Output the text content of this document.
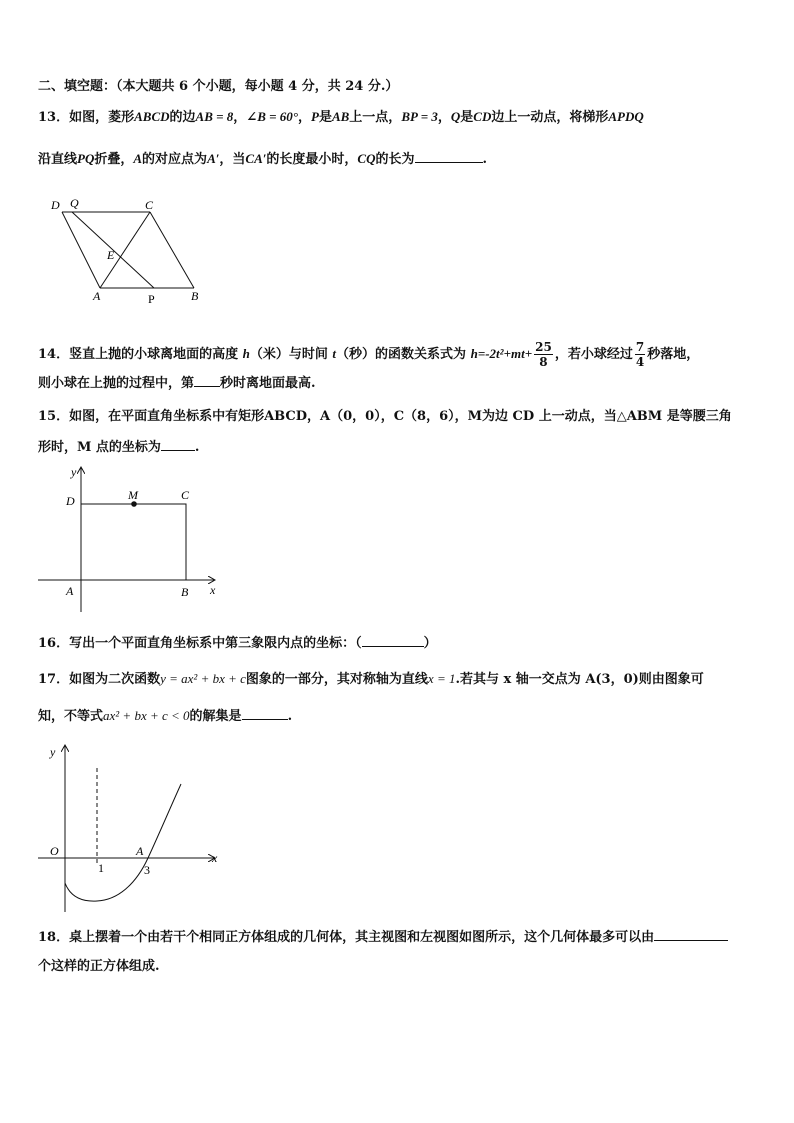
二、填空题：（本大题共 6 个小题，每小题 4 分，共 24 分.）
13．如图，菱形ABCD的边AB = 8，∠B = 60°，P是AB上一点，BP = 3，Q是CD边上一动点，将梯形APDQ
沿直线PQ折叠，A的对应点为A′，当CA′的长度最小时，CQ的长为	.
D Q	C
E
A	P	B
14．竖直上抛的小球离地面的高度 h（米）与时间 t（秒）的函数关系式为 $h=-2t^2+mt+ \frac{25}{8}$ ，若小球经过 $\frac{7}{4}$ 秒落地，
则小球在上抛的过程中，第 秒时离地面最高.
15．如图，在平面直角坐标系中有矩形ABCD，A（0，0），C（8，6），M为边 CD 上一动点，当△ABM 是等腰三角
形时，M 点的坐标为	.
y
x
D	M	C
A	B
16．写出一个平面直角坐标系中第三象限内点的坐标：（	）
17．如图为二次函数y = ax² + bx + c图象的一部分，其对称轴为直线x = 1.若其与 x 轴一交点为 A(3，0)则由图象可
知，不等式ax² + bx + c < 0的解集是	.
y
x
O	A
1	3
18．桌上摆着一个由若干个相同正方体组成的几何体，其主视图和左视图如图所示，这个几何体最多可以由
个这样的正方体组成.
